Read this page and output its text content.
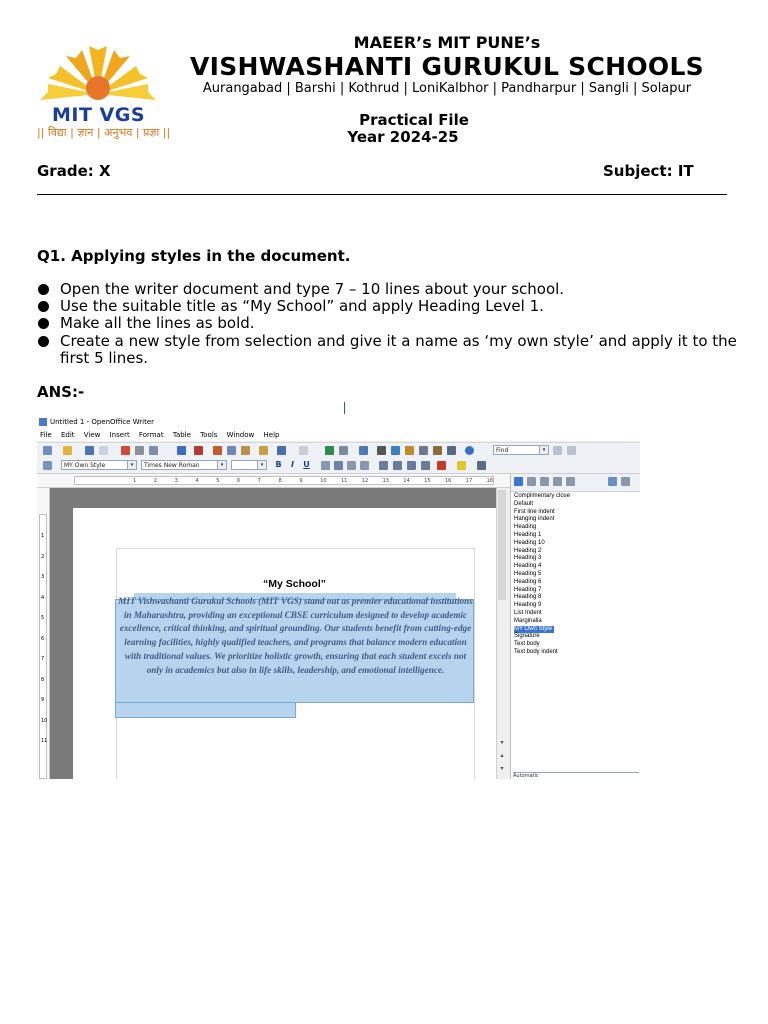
MIT VGS
|| विद्या | ज्ञान | अनुभव | प्रज्ञा ||
MAEER’s MIT PUNE’s
VISHWASHANTI GURUKUL SCHOOLS
Aurangabad | Barshi | Kothrud | LoniKalbhor | Pandharpur | Sangli | Solapur
Practical File
Year 2024-25
Grade: X	Subject: IT
Q1. Applying styles in the document.
Open the writer document and type 7 – 10 lines about your school.
Use the suitable title as “My School” and apply Heading Level 1.
Make all the lines as bold.
Create a new style from selection and give it a name as ‘my own style’ and apply it to the first 5 lines.
ANS:-
Untitled 1 - OpenOffice Writer
File Edit View Insert Format Table Tools Window Help
Find	▾
MY Own Style	▾	Times New Roman	▾	▾	B	I	U
1	2	3	4	5	6	7	8	9	10	11	12	13	14	15	16	17	18
1
2
3
4
5
6
7
8
9
10
11
“My School”

MIT Vishwashanti Gurukul Schools (MIT VGS) stand out as premier educational institutions in Maharashtra, providing an exceptional CBSE curriculum designed to develop academic excellence, critical thinking, and spiritual grounding. Our students benefit from cutting-edge learning facilities, highly qualified teachers, and programs that balance modern education with traditional values. We prioritize holistic growth, ensuring that each student excels not only in academics but also in life skills, leadership, and emotional intelligence.

▾
▴
▾
Complimentary close
Default
First line indent
Hanging indent
Heading
Heading 1
Heading 10
Heading 2
Heading 3
Heading 4
Heading 5
Heading 6
Heading 7
Heading 8
Heading 9
List Indent
Marginalia
MY Own Style
Signature
Text body
Text body indent
Automatic
